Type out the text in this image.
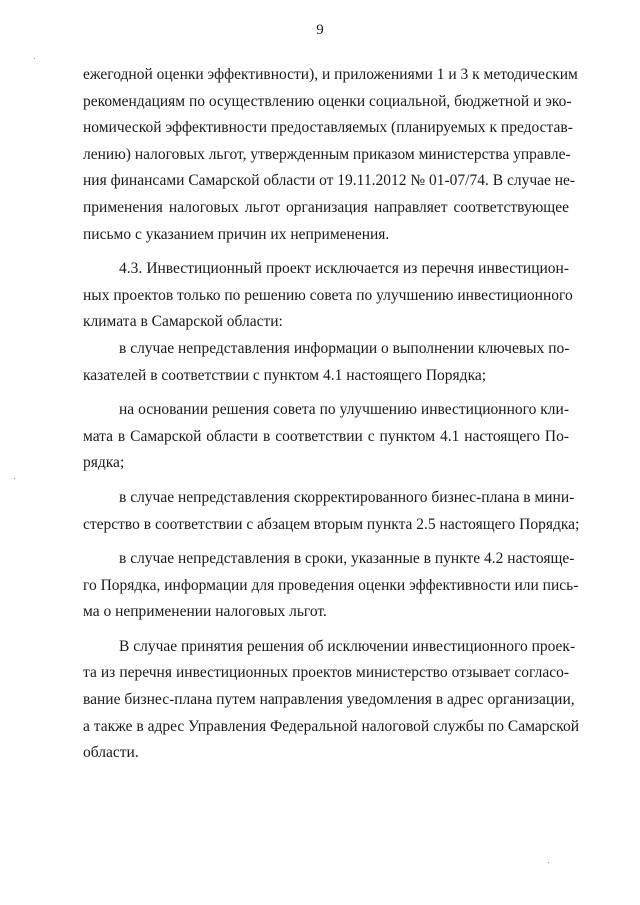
9
ежегодной оценки эффективности), и приложениями 1 и 3 к методическим
рекомендациям по осуществлению оценки социальной, бюджетной и эко-
номической эффективности предоставляемых (планируемых к предостав-
лению) налоговых льгот, утвержденным приказом министерства управле-
ния финансами Самарской области от 19.11.2012 № 01-07/74. В случае не-
применения налоговых льгот организация направляет соответствующее
письмо с указанием причин их неприменения.
4.3. Инвестиционный проект исключается из перечня инвестицион-
ных проектов только по решению совета по улучшению инвестиционного
климата в Самарской области:
в случае непредставления информации о выполнении ключевых по-
казателей в соответствии с пунктом 4.1 настоящего Порядка;
на основании решения совета по улучшению инвестиционного кли-
мата в Самарской области в соответствии с пунктом 4.1 настоящего По-
рядка;
в случае непредставления скорректированного бизнес-плана в мини-
стерство в соответствии с абзацем вторым пункта 2.5 настоящего Порядка;
в случае непредставления в сроки, указанные в пункте 4.2 настояще-
го Порядка, информации для проведения оценки эффективности или пись-
ма о неприменении налоговых льгот.
В случае принятия решения об исключении инвестиционного проек-
та из перечня инвестиционных проектов министерство отзывает согласо-
вание бизнес-плана путем направления уведомления в адрес организации,
а также в адрес Управления Федеральной налоговой службы по Самарской
области.
